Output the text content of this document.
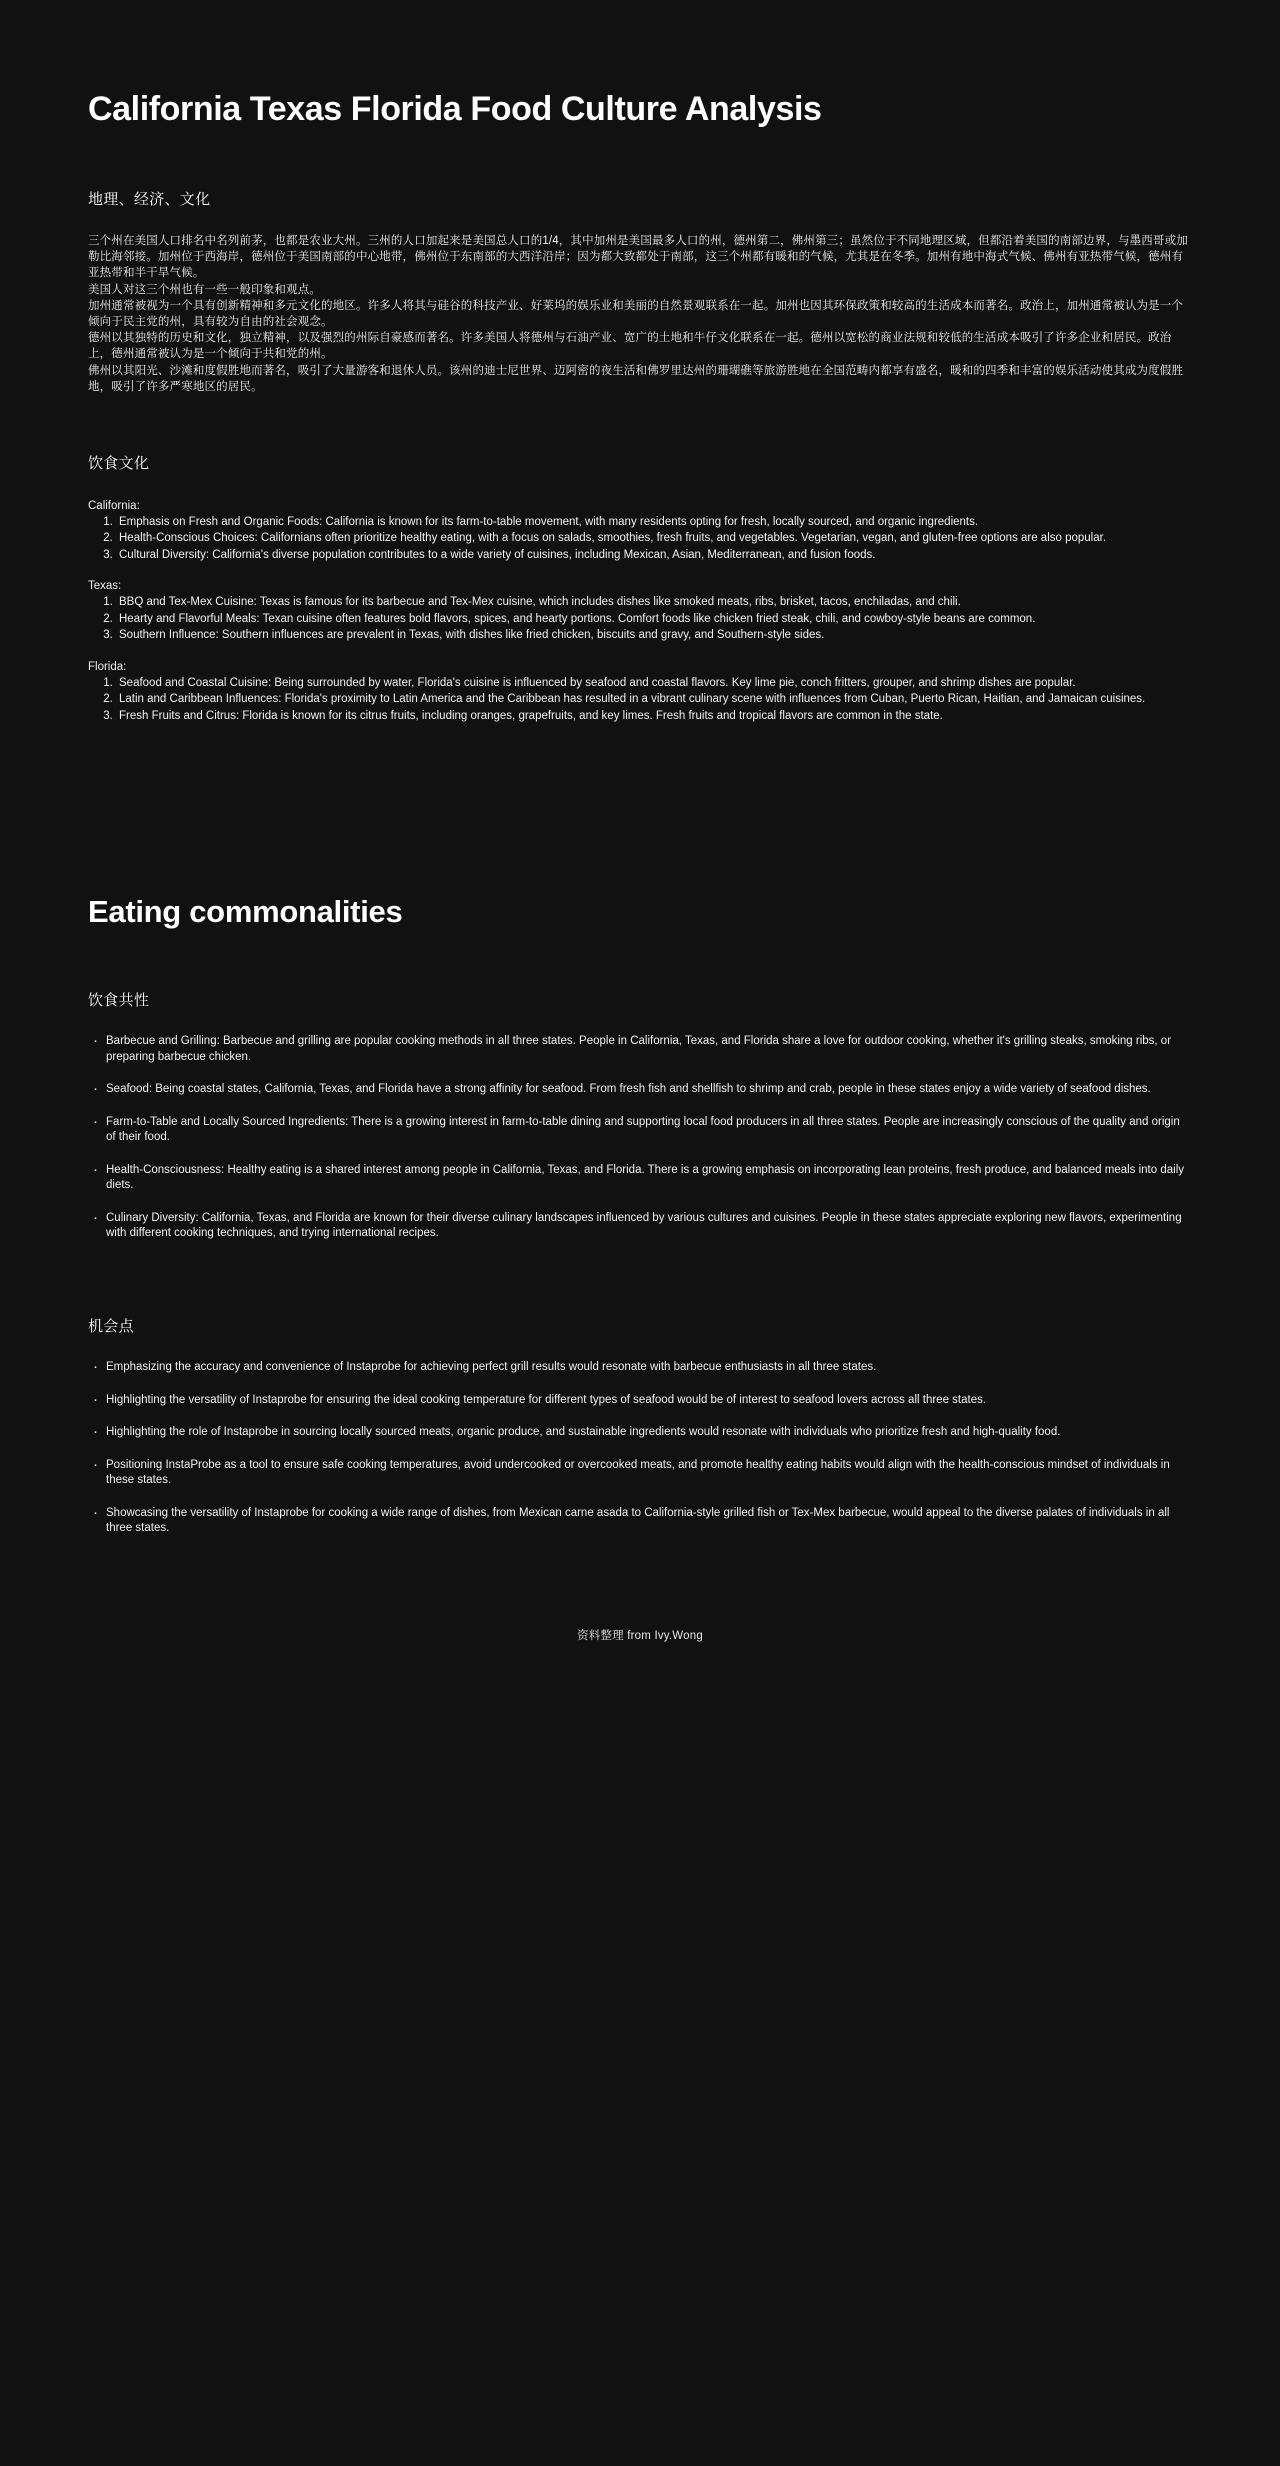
California Texas Florida Food Culture Analysis
地理、经济、文化

三个州在美国人口排名中名列前茅，也都是农业大州。三州的人口加起来是美国总人口的1/4，其中加州是美国最多人口的州，德州第二，佛州第三；虽然位于不同地理区域，但都沿着美国的南部边界，与墨西哥或加勒比海邻接。加州位于西海岸，德州位于美国南部的中心地带，佛州位于东南部的大西洋沿岸；因为都大致都处于南部，这三个州都有暖和的气候，尤其是在冬季。加州有地中海式气候、佛州有亚热带气候，德州有亚热带和半干旱气候。

美国人对这三个州也有一些一般印象和观点。

加州通常被视为一个具有创新精神和多元文化的地区。许多人将其与硅谷的科技产业、好莱坞的娱乐业和美丽的自然景观联系在一起。加州也因其环保政策和较高的生活成本而著名。政治上，加州通常被认为是一个倾向于民主党的州，具有较为自由的社会观念。

德州以其独特的历史和文化，独立精神，以及强烈的州际自豪感而著名。许多美国人将德州与石油产业、宽广的土地和牛仔文化联系在一起。德州以宽松的商业法规和较低的生活成本吸引了许多企业和居民。政治上，德州通常被认为是一个倾向于共和党的州。

佛州以其阳光、沙滩和度假胜地而著名，吸引了大量游客和退休人员。该州的迪士尼世界、迈阿密的夜生活和佛罗里达州的珊瑚礁等旅游胜地在全国范畴内都享有盛名，暖和的四季和丰富的娱乐活动使其成为度假胜地，吸引了许多严寒地区的居民。

饮食文化

California:

1. Emphasis on Fresh and Organic Foods: California is known for its farm-to-table movement, with many residents opting for fresh, locally sourced, and organic ingredients.
2. Health-Conscious Choices: Californians often prioritize healthy eating, with a focus on salads, smoothies, fresh fruits, and vegetables. Vegetarian, vegan, and gluten-free options are also popular.
3. Cultural Diversity: California's diverse population contributes to a wide variety of cuisines, including Mexican, Asian, Mediterranean, and fusion foods.

Texas:

1. BBQ and Tex-Mex Cuisine: Texas is famous for its barbecue and Tex-Mex cuisine, which includes dishes like smoked meats, ribs, brisket, tacos, enchiladas, and chili.
2. Hearty and Flavorful Meals: Texan cuisine often features bold flavors, spices, and hearty portions. Comfort foods like chicken fried steak, chili, and cowboy-style beans are common.
3. Southern Influence: Southern influences are prevalent in Texas, with dishes like fried chicken, biscuits and gravy, and Southern-style sides.

Florida:

1. Seafood and Coastal Cuisine: Being surrounded by water, Florida's cuisine is influenced by seafood and coastal flavors. Key lime pie, conch fritters, grouper, and shrimp dishes are popular.
2. Latin and Caribbean Influences: Florida's proximity to Latin America and the Caribbean has resulted in a vibrant culinary scene with influences from Cuban, Puerto Rican, Haitian, and Jamaican cuisines.
3. Fresh Fruits and Citrus: Florida is known for its citrus fruits, including oranges, grapefruits, and key limes. Fresh fruits and tropical flavors are common in the state.
Eating commonalities
饮食共性
· Barbecue and Grilling: Barbecue and grilling are popular cooking methods in all three states. People in California, Texas, and Florida share a love for outdoor cooking, whether it's grilling steaks, smoking ribs, or preparing barbecue chicken.
· Seafood: Being coastal states, California, Texas, and Florida have a strong affinity for seafood. From fresh fish and shellfish to shrimp and crab, people in these states enjoy a wide variety of seafood dishes.
· Farm-to-Table and Locally Sourced Ingredients: There is a growing interest in farm-to-table dining and supporting local food producers in all three states. People are increasingly conscious of the quality and origin of their food.
· Health-Consciousness: Healthy eating is a shared interest among people in California, Texas, and Florida. There is a growing emphasis on incorporating lean proteins, fresh produce, and balanced meals into daily diets.
· Culinary Diversity: California, Texas, and Florida are known for their diverse culinary landscapes influenced by various cultures and cuisines. People in these states appreciate exploring new flavors, experimenting with different cooking techniques, and trying international recipes.
机会点
· Emphasizing the accuracy and convenience of Instaprobe for achieving perfect grill results would resonate with barbecue enthusiasts in all three states.
· Highlighting the versatility of Instaprobe for ensuring the ideal cooking temperature for different types of seafood would be of interest to seafood lovers across all three states.
· Highlighting the role of Instaprobe in sourcing locally sourced meats, organic produce, and sustainable ingredients would resonate with individuals who prioritize fresh and high-quality food.
· Positioning InstaProbe as a tool to ensure safe cooking temperatures, avoid undercooked or overcooked meats, and promote healthy eating habits would align with the health-conscious mindset of individuals in these states.
· Showcasing the versatility of Instaprobe for cooking a wide range of dishes, from Mexican carne asada to California-style grilled fish or Tex-Mex barbecue, would appeal to the diverse palates of individuals in all three states.
资料整理 from Ivy.Wong
